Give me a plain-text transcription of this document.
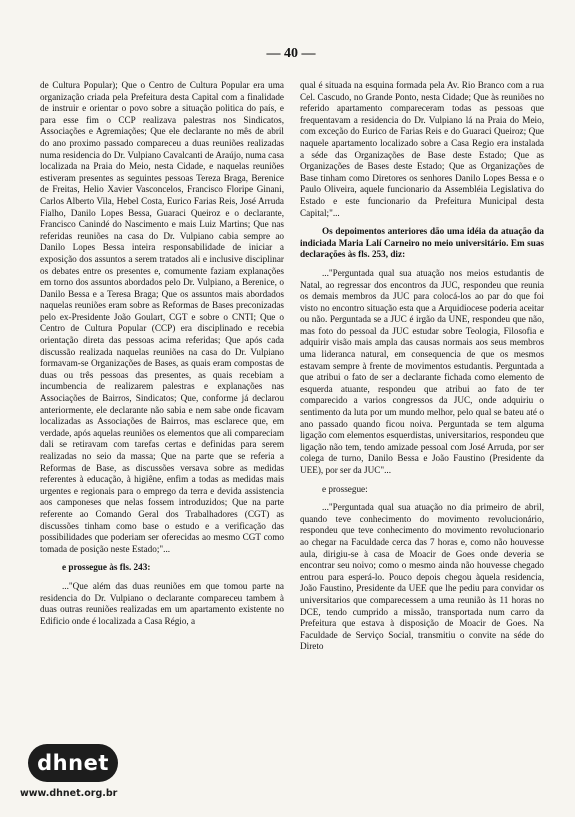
— 40 —

de Cultura Popular); Que o Centro de Cultura Popular era uma organização criada pela Prefeitura desta Capital com a finalidade de instruir e orientar o povo sobre a situação politica do país, e para esse fim o CCP realizava palestras nos Sindicatos, Associações e Agremiações; Que ele declarante no mês de abril do ano proximo passado compareceu a duas reuniões realizadas numa residencia do Dr. Vulpiano Cavalcanti de Araújo, numa casa localizada na Praia do Meio, nesta Cidade, e naquelas reuniões estiveram presentes as seguintes pessoas Tereza Braga, Berenice de Freitas, Helio Xavier Vasconcelos, Francisco Floripe Ginani, Carlos Alberto Vila, Hebel Costa, Eurico Farias Reis, José Arruda Fialho, Danilo Lopes Bessa, Guaraci Queiroz e o declarante, Francisco Canindé do Nascimento e mais Luiz Martins; Que nas referidas reuniões na casa do Dr. Vulpiano cabia sempre ao Danilo Lopes Bessa inteira responsabilidade de iniciar a exposição dos assuntos a serem tratados ali e inclusive disciplinar os debates entre os presentes e, comumente faziam explanações em torno dos assuntos abordados pelo Dr. Vulpiano, a Berenice, o Danilo Bessa e a Teresa Braga; Que os assuntos mais abordados naquelas reuniões eram sobre as Reformas de Bases preconizadas pelo ex-Presidente João Goulart, CGT e sobre o CNTI; Que o Centro de Cultura Popular (CCP) era disciplinado e recebia orientação direta das pessoas acima referidas; Que após cada discussão realizada naquelas reuniões na casa do Dr. Vulpiano formavam-se Organizações de Bases, as quais eram compostas de duas ou três pessoas das presentes, as quais recebiam a incumbencia de realizarem palestras e explanações nas Associações de Bairros, Sindicatos; Que, conforme já declarou anteriormente, ele declarante não sabia e nem sabe onde ficavam localizadas as Associações de Bairros, mas esclarece que, em verdade, após aquelas reuniões os elementos que ali compareciam dali se retiravam com tarefas certas e definidas para serem realizadas no seio da massa; Que na parte que se referia a Reformas de Base, as discussões versava sobre as medidas referentes à educação, à higiêne, enfim a todas as medidas mais urgentes e regionais para o emprego da terra e devida assistencia aos camponeses que nelas fossem introduzidos; Que na parte referente ao Comando Geral dos Trabalhadores (CGT) as discussões tinham como base o estudo e a verificação das possibilidades que poderiam ser oferecidas ao mesmo CGT como tomada de posição neste Estado;"...

e prossegue às fls. 243:

..."Que além das duas reuniões em que tomou parte na residencia do Dr. Vulpiano o declarante compareceu tambem à duas outras reuniões realizadas em um apartamento existente no Edificio onde é localizada a Casa Régio, a

qual é situada na esquina formada pela Av. Rio Branco com a rua Cel. Cascudo, no Grande Ponto, nesta Cidade; Que às reuniões no referido apartamento compareceram todas as pessoas que frequentavam a residencia do Dr. Vulpiano lá na Praia do Meio, com exceção do Eurico de Farias Reis e do Guaraci Queiroz; Que naquele apartamento localizado sobre a Casa Regio era instalada a séde das Organizações de Base deste Estado; Que as Organizações de Bases deste Estado; Que as Organizações de Base tinham como Diretores os senhores Danilo Lopes Bessa e o Paulo Oliveira, aquele funcionario da Assembléia Legislativa do Estado e este funcionario da Prefeitura Municipal desta Capital;"...

Os depoimentos anteriores dão uma idéia da atuação da indiciada Maria Lalí Carneiro no meio universitário. Em suas declarações às fls. 253, diz:

..."Perguntada qual sua atuação nos meios estudantis de Natal, ao regressar dos encontros da JUC, respondeu que reunia os demais membros da JUC para colocá-los ao par do que foi visto no encontro situação esta que a Arquidiocese poderia aceitar ou não. Perguntada se a JUC é irgão da UNE, respondeu que não, mas foto do pessoal da JUC estudar sobre Teologia, Filosofia e adquirir visão mais ampla das causas normais aos seus membros uma lideranca natural, em consequencia de que os mesmos estavam sempre à frente de movimentos estudantis. Perguntada a que atribui o fato de ser a declarante fichada como elemento de esquerda atuante, respondeu que atribui ao fato de ter comparecido a varios congressos da JUC, onde adquiriu o sentimento da luta por um mundo melhor, pelo qual se bateu até o ano passado quando ficou noiva. Perguntada se tem alguma ligação com elementos esquerdistas, universitarios, respondeu que ligação não tem, tendo amizade pessoal com José Arruda, por ser colega de turno, Danilo Bessa e João Faustino (Presidente da UEE), por ser da JUC"...

e prossegue:

..."Perguntada qual sua atuação no dia primeiro de abril, quando teve conhecimento do movimento revolucionário, respondeu que teve conhecimento do movimento revolucionario ao chegar na Faculdade cerca das 7 horas e, como não houvesse aula, dirigiu-se à casa de Moacir de Goes onde deveria se encontrar seu noivo; como o mesmo ainda não houvesse chegado entrou para esperá-lo. Pouco depois chegou àquela residencia, João Faustino, Presidente da UEE que lhe pediu para convidar os universitarios que comparecessem a uma reunião às 11 horas no DCE, tendo cumprido a missão, transportada num carro da Prefeitura que estava à disposição de Moacir de Goes. Na Faculdade de Serviço Social, transmitiu o convite na séde do Direto

dhnet
www.dhnet.org.br
